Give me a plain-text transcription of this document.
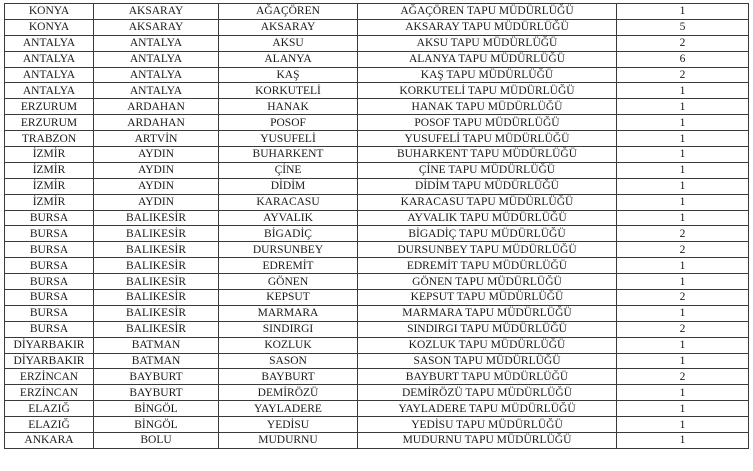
KONYA	AKSARAY	AĞAÇÖREN	AĞAÇÖREN TAPU MÜDÜRLÜĞÜ	1
KONYA	AKSARAY	AKSARAY	AKSARAY TAPU MÜDÜRLÜĞÜ	5
ANTALYA	ANTALYA	AKSU	AKSU TAPU MÜDÜRLÜĞÜ	2
ANTALYA	ANTALYA	ALANYA	ALANYA TAPU MÜDÜRLÜĞÜ	6
ANTALYA	ANTALYA	KAŞ	KAŞ TAPU MÜDÜRLÜĞÜ	2
ANTALYA	ANTALYA	KORKUTELİ	KORKUTELİ TAPU MÜDÜRLÜĞÜ	1
ERZURUM	ARDAHAN	HANAK	HANAK TAPU MÜDÜRLÜĞÜ	1
ERZURUM	ARDAHAN	POSOF	POSOF TAPU MÜDÜRLÜĞÜ	1
TRABZON	ARTVİN	YUSUFELİ	YUSUFELİ TAPU MÜDÜRLÜĞÜ	1
İZMİR	AYDIN	BUHARKENT	BUHARKENT TAPU MÜDÜRLÜĞÜ	1
İZMİR	AYDIN	ÇİNE	ÇİNE TAPU MÜDÜRLÜĞÜ	1
İZMİR	AYDIN	DİDİM	DİDİM TAPU MÜDÜRLÜĞÜ	1
İZMİR	AYDIN	KARACASU	KARACASU TAPU MÜDÜRLÜĞÜ	1
BURSA	BALIKESİR	AYVALIK	AYVALIK TAPU MÜDÜRLÜĞÜ	1
BURSA	BALIKESİR	BİGADİÇ	BİGADİÇ TAPU MÜDÜRLÜĞÜ	2
BURSA	BALIKESİR	DURSUNBEY	DURSUNBEY TAPU MÜDÜRLÜĞÜ	2
BURSA	BALIKESİR	EDREMİT	EDREMİT TAPU MÜDÜRLÜĞÜ	1
BURSA	BALIKESİR	GÖNEN	GÖNEN TAPU MÜDÜRLÜĞÜ	1
BURSA	BALIKESİR	KEPSUT	KEPSUT TAPU MÜDÜRLÜĞÜ	2
BURSA	BALIKESİR	MARMARA	MARMARA TAPU MÜDÜRLÜĞÜ	1
BURSA	BALIKESİR	SINDIRGI	SINDIRGI TAPU MÜDÜRLÜĞÜ	2
DİYARBAKIR	BATMAN	KOZLUK	KOZLUK TAPU MÜDÜRLÜĞÜ	1
DİYARBAKIR	BATMAN	SASON	SASON TAPU MÜDÜRLÜĞÜ	1
ERZİNCAN	BAYBURT	BAYBURT	BAYBURT TAPU MÜDÜRLÜĞÜ	2
ERZİNCAN	BAYBURT	DEMİRÖZÜ	DEMİRÖZÜ TAPU MÜDÜRLÜĞÜ	1
ELAZIĞ	BİNGÖL	YAYLADERE	YAYLADERE TAPU MÜDÜRLÜĞÜ	1
ELAZIĞ	BİNGÖL	YEDİSU	YEDİSU TAPU MÜDÜRLÜĞÜ	1
ANKARA	BOLU	MUDURNU	MUDURNU TAPU MÜDÜRLÜĞÜ	1
